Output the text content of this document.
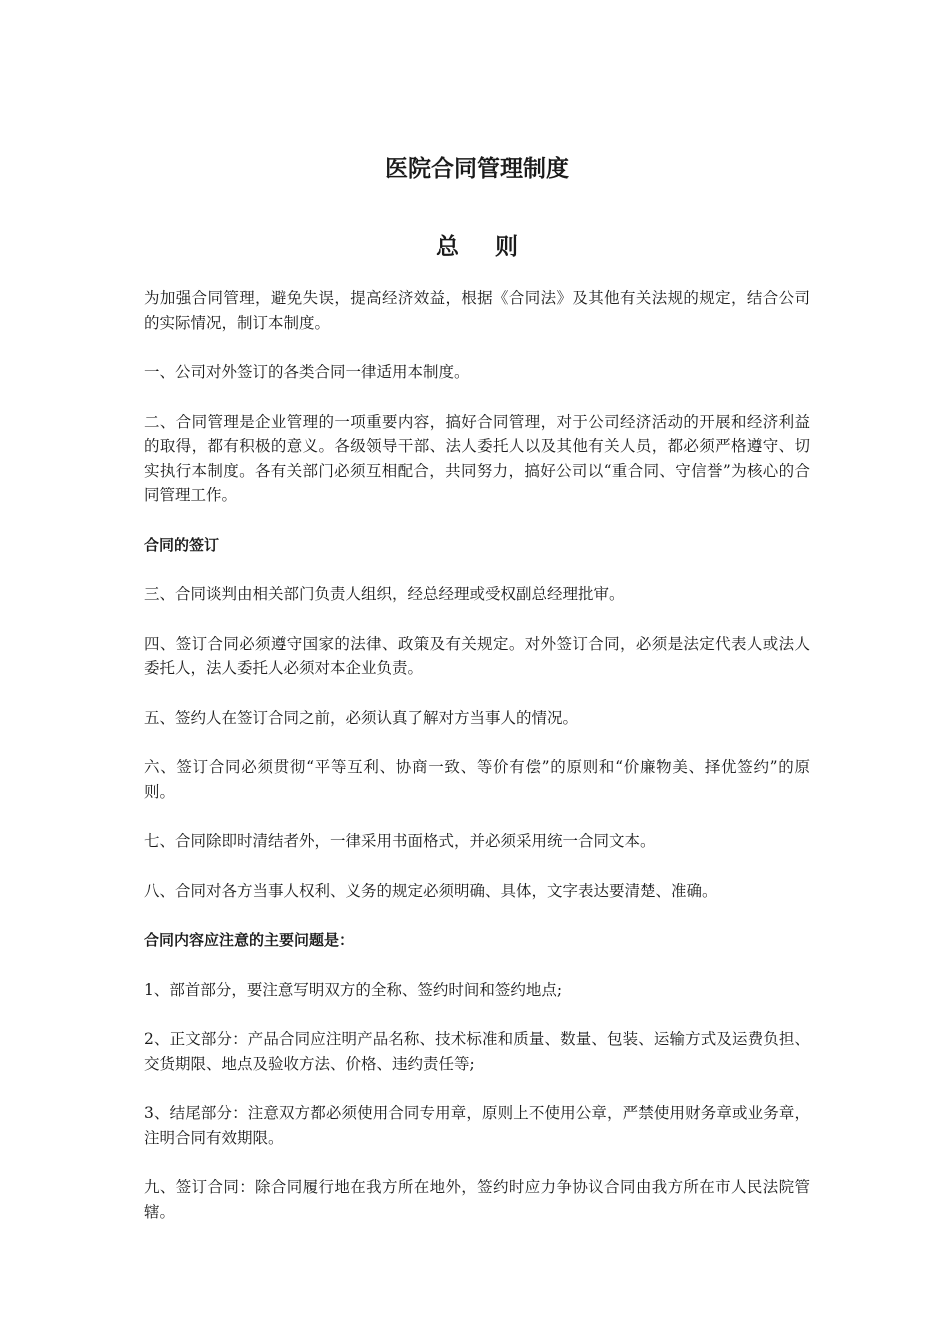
医院合同管理制度
总 则

为加强合同管理，避免失误，提高经济效益，根据《合同法》及其他有关法规的规定，结合公司的实际情况，制订本制度。

一、公司对外签订的各类合同一律适用本制度。

二、合同管理是企业管理的一项重要内容，搞好合同管理，对于公司经济活动的开展和经济利益的取得，都有积极的意义。各级领导干部、法人委托人以及其他有关人员，都必须严格遵守、切实执行本制度。各有关部门必须互相配合，共同努力，搞好公司以“重合同、守信誉”为核心的合同管理工作。

合同的签订

三、合同谈判由相关部门负责人组织，经总经理或受权副总经理批审。

四、签订合同必须遵守国家的法律、政策及有关规定。对外签订合同，必须是法定代表人或法人委托人，法人委托人必须对本企业负责。

五、签约人在签订合同之前，必须认真了解对方当事人的情况。

六、签订合同必须贯彻“平等互利、协商一致、等价有偿”的原则和“价廉物美、择优签约”的原则。

七、合同除即时清结者外，一律采用书面格式，并必须采用统一合同文本。

八、合同对各方当事人权利、义务的规定必须明确、具体，文字表达要清楚、准确。

合同内容应注意的主要问题是：

1、部首部分，要注意写明双方的全称、签约时间和签约地点;

2、正文部分：产品合同应注明产品名称、技术标准和质量、数量、包装、运输方式及运费负担、交货期限、地点及验收方法、价格、违约责任等;

3、结尾部分：注意双方都必须使用合同专用章，原则上不使用公章，严禁使用财务章或业务章，注明合同有效期限。

九、签订合同：除合同履行地在我方所在地外，签约时应力争协议合同由我方所在市人民法院管辖。
